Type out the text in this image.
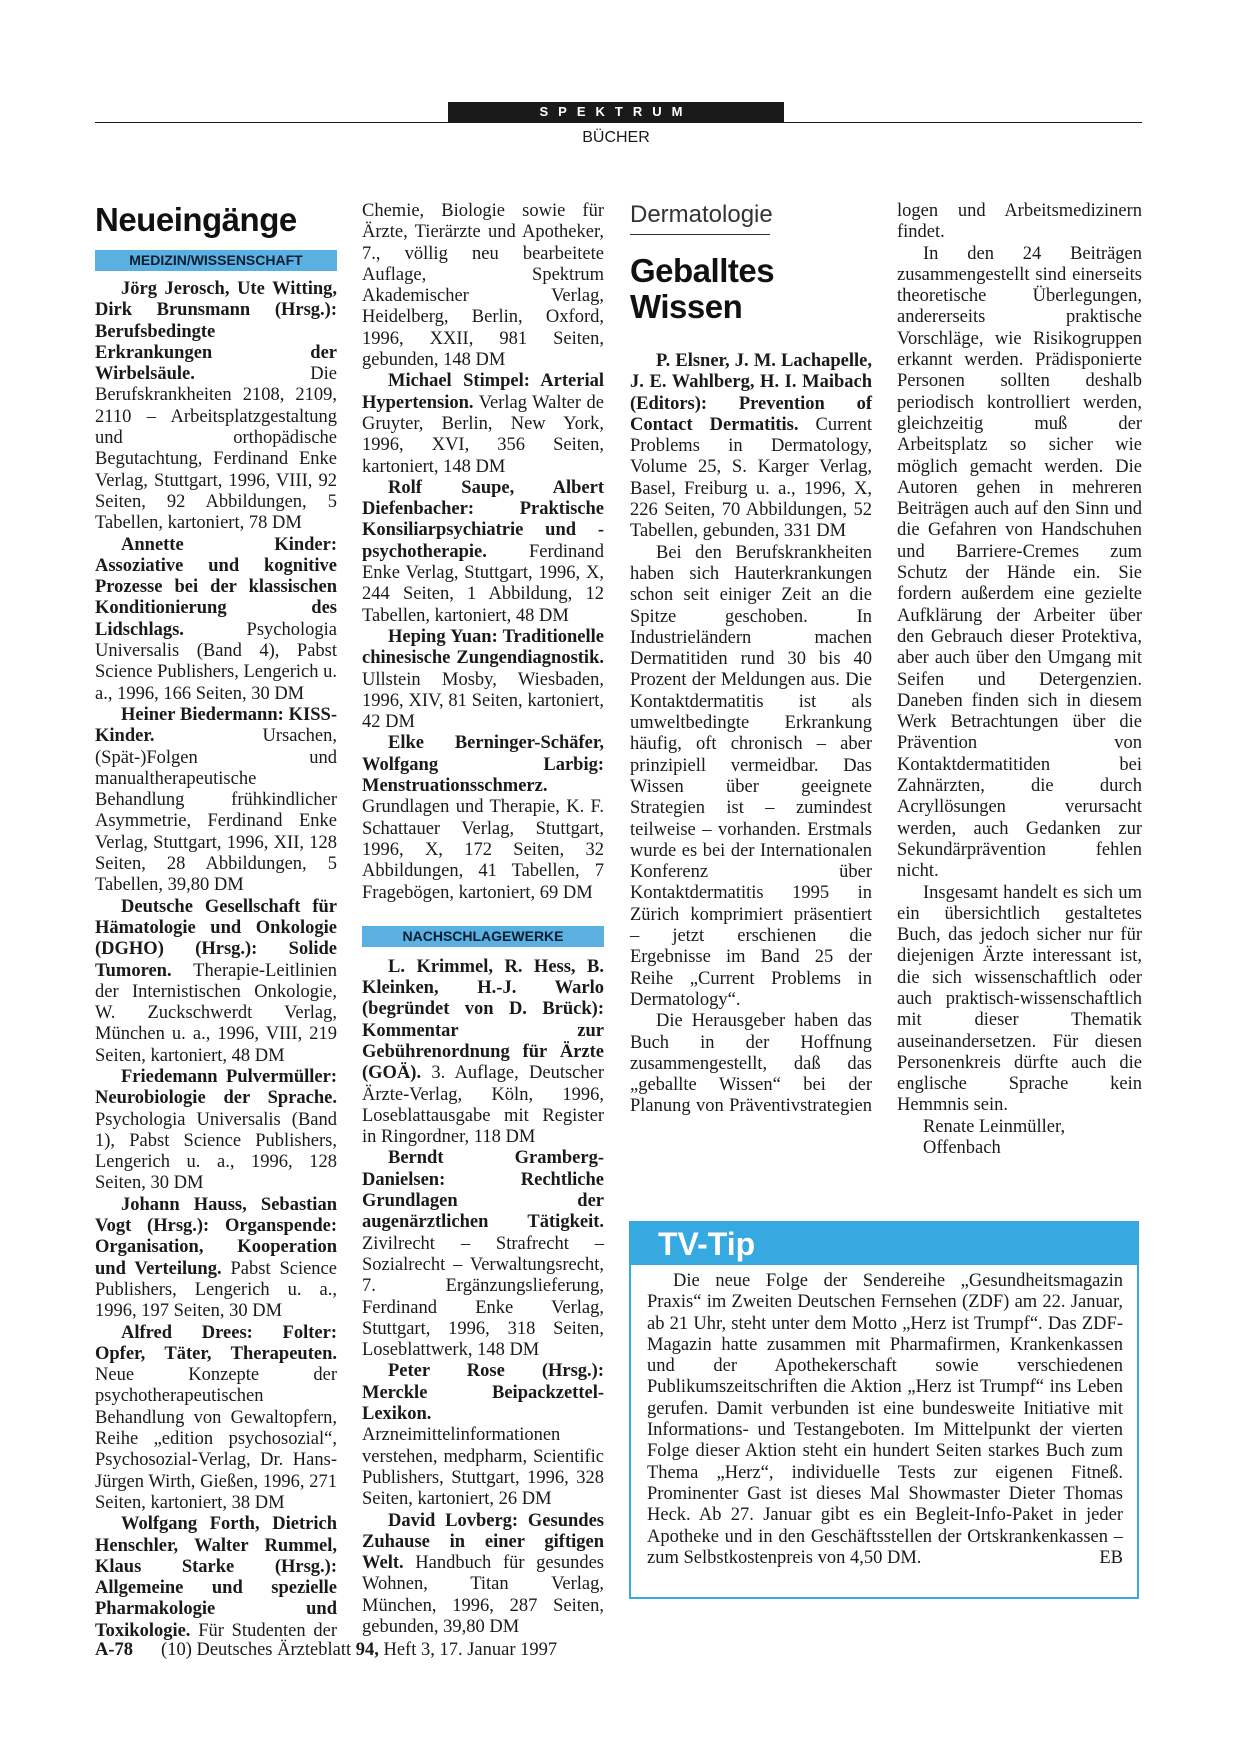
SPEKTRUM
BÜCHER
Neueingänge
MEDIZIN/WISSENSCHAFT

Jörg Jerosch, Ute Witting, Dirk Brunsmann (Hrsg.): Berufsbedingte Erkrankungen der Wirbelsäule. Die Berufskrankheiten 2108, 2109, 2110 – Arbeitsplatzgestaltung und orthopädische Begutachtung, Ferdinand Enke Verlag, Stuttgart, 1996, VIII, 92 Seiten, 92 Abbildungen, 5 Tabellen, kartoniert, 78 DM

Annette Kinder: Assoziative und kognitive Prozesse bei der klassischen Konditionierung des Lidschlags. Psychologia Universalis (Band 4), Pabst Science Publishers, Lengerich u. a., 1996, 166 Seiten, 30 DM

Heiner Biedermann: KISS-Kinder. Ursachen, (Spät-)Folgen und manualtherapeutische Behandlung frühkindlicher Asymmetrie, Ferdinand Enke Verlag, Stuttgart, 1996, XII, 128 Seiten, 28 Abbildungen, 5 Tabellen, 39,80 DM

Deutsche Gesellschaft für Hämatologie und Onkologie (DGHO) (Hrsg.): Solide Tumoren. Therapie-Leitlinien der Internistischen Onkologie, W. Zuckschwerdt Verlag, München u. a., 1996, VIII, 219 Seiten, kartoniert, 48 DM

Friedemann Pulvermüller: Neurobiologie der Sprache. Psychologia Universalis (Band 1), Pabst Science Publishers, Lengerich u. a., 1996, 128 Seiten, 30 DM

Johann Hauss, Sebastian Vogt (Hrsg.): Organspende: Organisation, Kooperation und Verteilung. Pabst Science Publishers, Lengerich u. a., 1996, 197 Seiten, 30 DM

Alfred Drees: Folter: Opfer, Täter, Therapeuten. Neue Konzepte der psychotherapeutischen Behandlung von Gewaltopfern, Reihe „edition psychosozial“, Psychosozial-Verlag, Dr. Hans-Jürgen Wirth, Gießen, 1996, 271 Seiten, kartoniert, 38 DM

Wolfgang Forth, Dietrich Henschler, Walter Rummel, Klaus Starke (Hrsg.): Allgemeine und spezielle Pharmakologie und Toxikologie. Für Studenten der

Chemie, Biologie sowie für Ärzte, Tierärzte und Apotheker, 7., völlig neu bearbeitete Auflage, Spektrum Akademischer Verlag, Heidelberg, Berlin, Oxford, 1996, XXII, 981 Seiten, gebunden, 148 DM

Michael Stimpel: Arterial Hypertension. Verlag Walter de Gruyter, Berlin, New York, 1996, XVI, 356 Seiten, kartoniert, 148 DM

Rolf Saupe, Albert Diefenbacher: Praktische Konsiliarpsychiatrie und -psychotherapie. Ferdinand Enke Verlag, Stuttgart, 1996, X, 244 Seiten, 1 Abbildung, 12 Tabellen, kartoniert, 48 DM

Heping Yuan: Traditionelle chinesische Zungendiagnostik. Ullstein Mosby, Wiesbaden, 1996, XIV, 81 Seiten, kartoniert, 42 DM

Elke Berninger-Schäfer, Wolfgang Larbig: Menstruationsschmerz. Grundlagen und Therapie, K. F. Schattauer Verlag, Stuttgart, 1996, X, 172 Seiten, 32 Abbildungen, 41 Tabellen, 7 Fragebögen, kartoniert, 69 DM

NACHSCHLAGEWERKE

L. Krimmel, R. Hess, B. Kleinken, H.-J. Warlo (begründet von D. Brück): Kommentar zur Gebührenordnung für Ärzte (GOÄ). 3. Auflage, Deutscher Ärzte-Verlag, Köln, 1996, Loseblattausgabe mit Register in Ringordner, 118 DM

Berndt Gramberg-Danielsen: Rechtliche Grundlagen der augenärztlichen Tätigkeit. Zivilrecht – Strafrecht – Sozialrecht – Verwaltungsrecht, 7. Ergänzungslieferung, Ferdinand Enke Verlag, Stuttgart, 1996, 318 Seiten, Loseblattwerk, 148 DM

Peter Rose (Hrsg.): Merckle Beipackzettel-Lexikon. Arzneimittelinformationen verstehen, medpharm, Scientific Publishers, Stuttgart, 1996, 328 Seiten, kartoniert, 26 DM

David Lovberg: Gesundes Zuhause in einer giftigen Welt. Handbuch für gesundes Wohnen, Titan Verlag, München, 1996, 287 Seiten, gebunden, 39,80 DM

Dermatologie
Geballtes
Wissen

P. Elsner, J. M. Lachapelle, J. E. Wahlberg, H. I. Maibach (Editors): Prevention of Contact Dermatitis. Current Problems in Dermatology, Volume 25, S. Karger Verlag, Basel, Freiburg u. a., 1996, X, 226 Seiten, 70 Abbildungen, 52 Tabellen, gebunden, 331 DM

Bei den Berufskrankheiten haben sich Hauterkrankungen schon seit einiger Zeit an die Spitze geschoben. In Industrieländern machen Dermatitiden rund 30 bis 40 Prozent der Meldungen aus. Die Kontaktdermatitis ist als umweltbedingte Erkrankung häufig, oft chronisch – aber prinzipiell vermeidbar. Das Wissen über geeignete Strategien ist – zumindest teilweise – vorhanden. Erstmals wurde es bei der Internationalen Konferenz über Kontaktdermatitis 1995 in Zürich komprimiert präsentiert – jetzt erschienen die Ergebnisse im Band 25 der Reihe „Current Problems in Dermatology“.

Die Herausgeber haben das Buch in der Hoffnung zusammengestellt, daß das „geballte Wissen“ bei der Planung von Präventivstrategien

logen und Arbeitsmedizinern findet.

In den 24 Beiträgen zusammengestellt sind einerseits theoretische Überlegungen, andererseits praktische Vorschläge, wie Risikogruppen erkannt werden. Prädisponierte Personen sollten deshalb periodisch kontrolliert werden, gleichzeitig muß der Arbeitsplatz so sicher wie möglich gemacht werden. Die Autoren gehen in mehreren Beiträgen auch auf den Sinn und die Gefahren von Handschuhen und Barriere-Cremes zum Schutz der Hände ein. Sie fordern außerdem eine gezielte Aufklärung der Arbeiter über den Gebrauch dieser Protektiva, aber auch über den Umgang mit Seifen und Detergenzien. Daneben finden sich in diesem Werk Betrachtungen über die Prävention von Kontaktdermatitiden bei Zahnärzten, die durch Acryllösungen verursacht werden, auch Gedanken zur Sekundärprävention fehlen nicht.

Insgesamt handelt es sich um ein übersichtlich gestaltetes Buch, das jedoch sicher nur für diejenigen Ärzte interessant ist, die sich wissenschaftlich oder auch praktisch-wissenschaftlich mit dieser Thematik auseinandersetzen. Für diesen Personenkreis dürfte auch die englische Sprache kein Hemmnis sein.

Renate Leinmüller,

Offenbach

TV-Tip

Die neue Folge der Sendereihe „Gesundheitsmagazin Praxis“ im Zweiten Deutschen Fernsehen (ZDF) am 22. Januar, ab 21 Uhr, steht unter dem Motto „Herz ist Trumpf“. Das ZDF-Magazin hatte zusammen mit Pharmafirmen, Krankenkassen und der Apothekerschaft sowie verschiedenen Publikumszeitschriften die Aktion „Herz ist Trumpf“ ins Leben gerufen. Damit verbunden ist eine bundesweite Initiative mit Informations- und Testangeboten. Im Mittelpunkt der vierten Folge dieser Aktion steht ein hundert Seiten starkes Buch zum Thema „Herz“, individuelle Tests zur eigenen Fitneß. Prominenter Gast ist dieses Mal Showmaster Dieter Thomas Heck. Ab 27. Januar gibt es ein Begleit-Info-Paket in jeder Apotheke und in den Geschäftsstellen der Ortskrankenkassen – zum Selbstkostenpreis von 4,50 DM.	EB

A-78 (10) Deutsches Ärzteblatt 94, Heft 3, 17. Januar 1997
